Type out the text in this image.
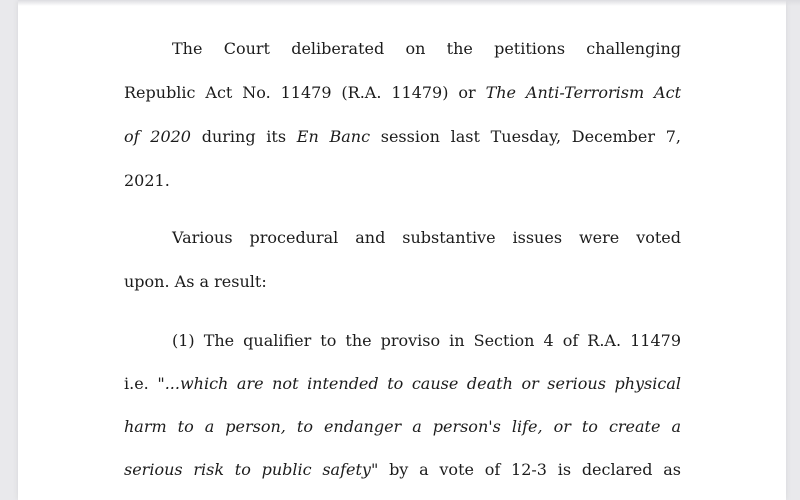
The Court deliberated on the petitions challenging
Republic Act No. 11479 (R.A. 11479) or The Anti-Terrorism Act
of 2020 during its En Banc session last Tuesday, December 7,
2021.
Various procedural and substantive issues were voted
upon. As a result:
(1) The qualifier to the proviso in Section 4 of R.A. 11479
i.e. "...which are not intended to cause death or serious physical
harm to a person, to endanger a person's life, or to create a
serious risk to public safety" by a vote of 12-3 is declared as
